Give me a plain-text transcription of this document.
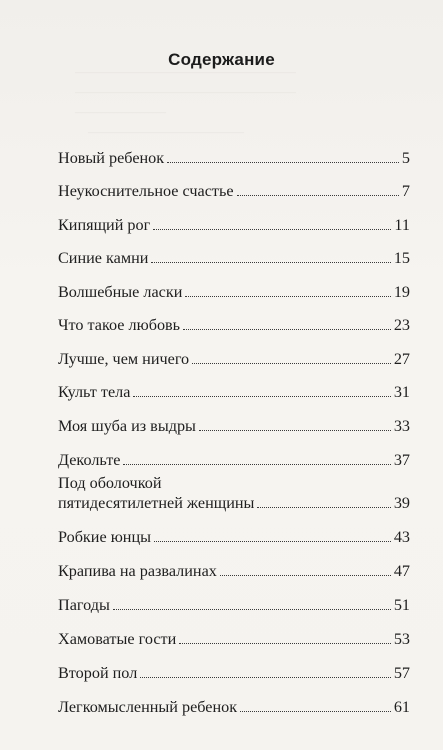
—————————————————
—————————————————
———————
————————————
Содержание
Новый ребенок	5
Неукоснительное счастье	7
Кипящий рог	11
Синие камни	15
Волшебные ласки	19
Что такое любовь	23
Лучше, чем ничего	27
Культ тела	31
Моя шуба из выдры	33
Декольте	37
Под оболочкой
пятидесятилетней женщины	39
Робкие юнцы	43
Крапива на развалинах	47
Пагоды	51
Хамоватые гости	53
Второй пол	57
Легкомысленный ребенок	61
